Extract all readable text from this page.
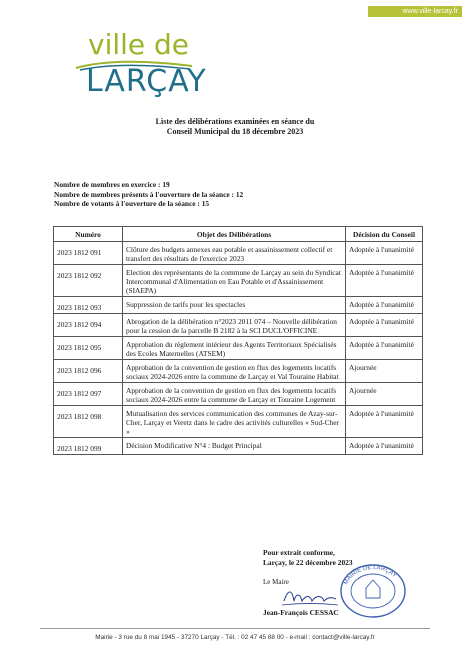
www.ville-larcay.fr
ville de
LARÇAY
Liste des délibérations examinées en séance du
Conseil Municipal du 18 décembre 2023
Nombre de membres en exercice : 19
Nombre de membres présents à l'ouverture de la séance : 12
Nombre de votants à l'ouverture de la séance : 15
Numéro	Objet des Délibérations	Décision du Conseil
2023 1812 091	Clôture des budgets annexes eau potable et assainissement collectif et transfert des résultats de l'exercice 2023	Adoptée à l'unanimité
2023 1812 092	Election des représentants de la commune de Larçay au sein du Syndicat Intercommunal d'Alimentation en Eau Potable et d'Assainissement (SIAEPA)	Adoptée à l'unanimité
2023 1812 093	Suppression de tarifs pour les spectacles	Adoptée à l'unanimité
2023 1812 094	Abrogation de la délibération n°2023 2011 074 – Nouvelle délibération pour la cession de la parcelle B 2182 à la SCI DUCL'OFFICINE	Adoptée à l'unanimité
2023 1812 095	Approbation du règlement intérieur des Agents Territoriaux Spécialisés des Ecoles Maternelles (ATSEM)	Adoptée à l'unanimité
2023 1812 096	Approbation de la convention de gestion en flux des logements locatifs sociaux 2024-2026 entre la commune de Larçay et Val Touraine Habitat	Ajournée
2023 1812 097	Approbation de la convention de gestion en flux des logements locatifs sociaux 2024-2026 entre la commune de Larçay et Touraine Logement	Ajournée
2023 1812 098	Mutualisation des services communication des communes de Azay-sur-Cher, Larçay et Veretz dans le cadre des activités culturelles « Sud-Cher »	Adoptée à l'unanimité
2023 1812 099	Décision Modificative N°4 : Budget Principal	Adoptée à l'unanimité
Pour extrait conforme,
Larçay, le 22 décembre 2023
Le Maire
Jean-François CESSAC
MAIRIE DE LARÇAY
Mairie - 3 rue du 8 mai 1945 - 37270 Larçay - Tél. : 02 47 45 88 00 - e-mail : contact@ville-larcay.fr
